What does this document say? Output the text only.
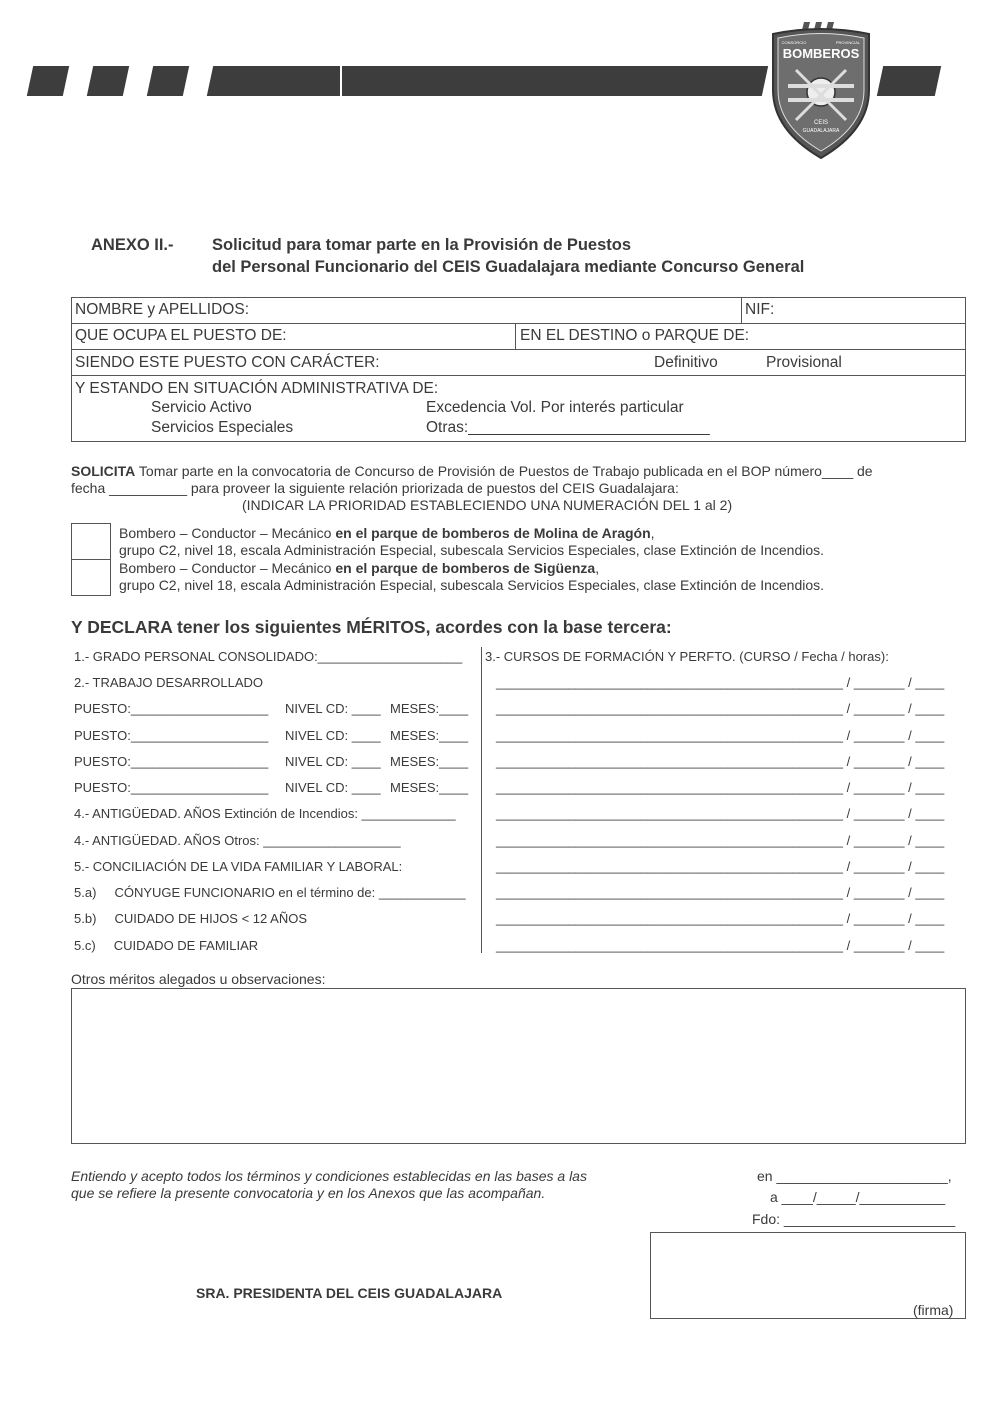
BOMBEROS
CONSORCIO	PROVINCIAL
CEIS
GUADALAJARA
ANEXO II.- Solicitud para tomar parte en la Provisión de Puestos
del Personal Funcionario del CEIS Guadalajara mediante Concurso General
NOMBRE y APELLIDOS:	NIF:
QUE OCUPA EL PUESTO DE:	EN EL DESTINO o PARQUE DE:
SIENDO ESTE PUESTO CON CARÁCTER:	Definitivo	Provisional
Y ESTANDO EN SITUACIÓN ADMINISTRATIVA DE:
Servicio Activo	Excedencia Vol. Por interés particular
Servicios Especiales	Otras:____________________________
SOLICITA Tomar parte en la convocatoria de Concurso de Provisión de Puestos de Trabajo publicada en el BOP número____ de
fecha __________ para proveer la siguiente relación priorizada de puestos del CEIS Guadalajara:
(INDICAR LA PRIORIDAD ESTABLECIENDO UNA NUMERACIÓN DEL 1 al 2)
Bombero – Conductor – Mecánico en el parque de bomberos de Molina de Aragón,
grupo C2, nivel 18, escala Administración Especial, subescala Servicios Especiales, clase Extinción de Incendios.
Bombero – Conductor – Mecánico en el parque de bomberos de Sigüenza,
grupo C2, nivel 18, escala Administración Especial, subescala Servicios Especiales, clase Extinción de Incendios.
Y DECLARA tener los siguientes MÉRITOS, acordes con la base tercera:
1.- GRADO PERSONAL CONSOLIDADO:____________________
2.- TRABAJO DESARROLLADO
PUESTO:___________________ NIVEL CD: ____ MESES:____
PUESTO:___________________ NIVEL CD: ____ MESES:____
PUESTO:___________________ NIVEL CD: ____ MESES:____
PUESTO:___________________ NIVEL CD: ____ MESES:____
4.- ANTIGÜEDAD. AÑOS Extinción de Incendios: _____________
4.- ANTIGÜEDAD. AÑOS Otros: ___________________
5.- CONCILIACIÓN DE LA VIDA FAMILIAR Y LABORAL:
5.a)     CÓNYUGE FUNCIONARIO en el término de: ____________
5.b)     CUIDADO DE HIJOS < 12 AÑOS
5.c)     CUIDADO DE FAMILIAR
3.- CURSOS DE FORMACIÓN Y PERFTO. (CURSO / Fecha / horas):
________________________________________________ / _______ / ____
________________________________________________ / _______ / ____
________________________________________________ / _______ / ____
________________________________________________ / _______ / ____
________________________________________________ / _______ / ____
________________________________________________ / _______ / ____
________________________________________________ / _______ / ____
________________________________________________ / _______ / ____
________________________________________________ / _______ / ____
________________________________________________ / _______ / ____
________________________________________________ / _______ / ____
Otros méritos alegados u observaciones:
Entiendo y acepto todos los términos y condiciones establecidas en las bases a las
que se refiere la presente convocatoria y en los Anexos que las acompañan.
en ______________________,
a ____/_____/___________
Fdo: ______________________
(firma)
SRA. PRESIDENTA DEL CEIS GUADALAJARA
